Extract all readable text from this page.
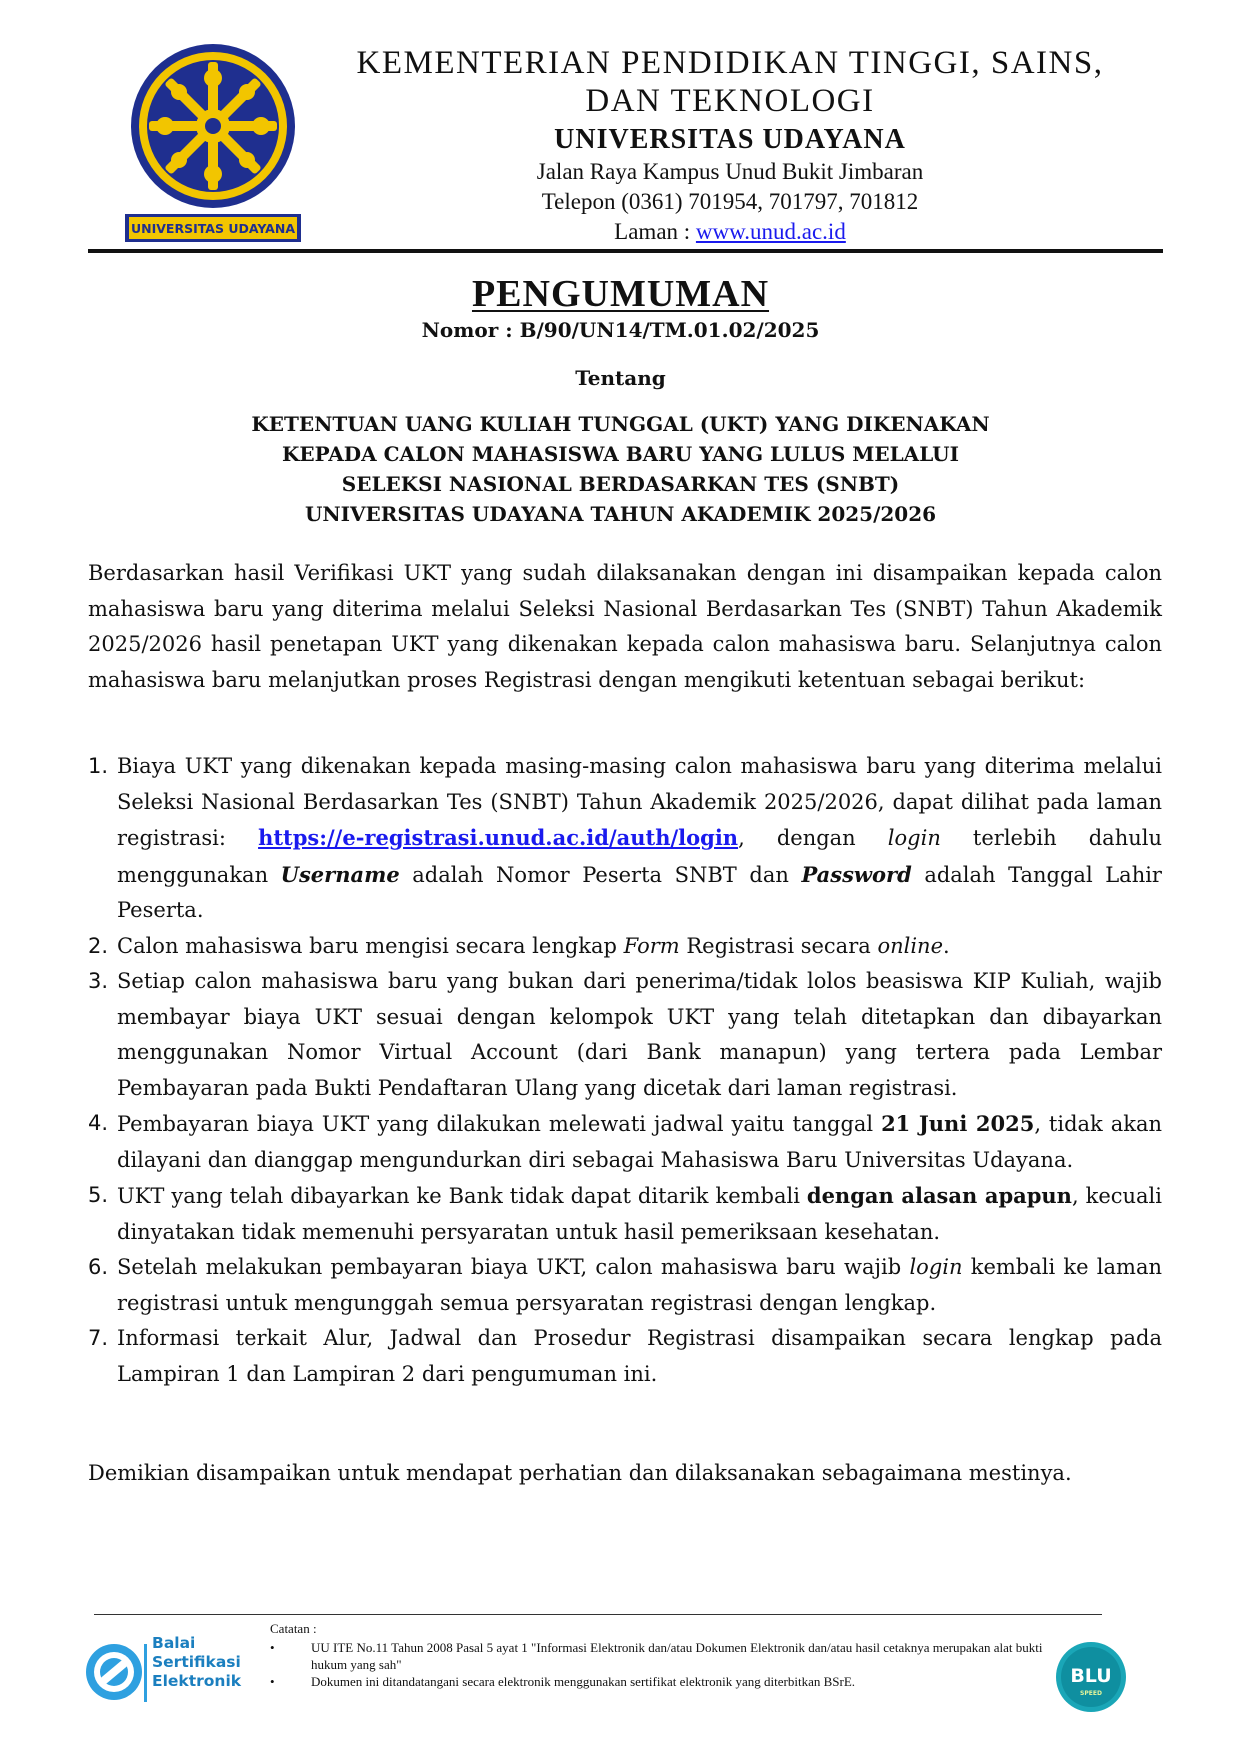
UNIVERSITAS UDAYANA
KEMENTERIAN PENDIDIKAN TINGGI, SAINS,
DAN TEKNOLOGI
UNIVERSITAS UDAYANA
Jalan Raya Kampus Unud Bukit Jimbaran
Telepon (0361) 701954, 701797, 701812
Laman : www.unud.ac.id
PENGUMUMAN
Nomor : B/90/UN14/TM.01.02/2025
Tentang
KETENTUAN UANG KULIAH TUNGGAL (UKT) YANG DIKENAKAN
KEPADA CALON MAHASISWA BARU YANG LULUS MELALUI
SELEKSI NASIONAL BERDASARKAN TES (SNBT)
UNIVERSITAS UDAYANA TAHUN AKADEMIK 2025/2026

Berdasarkan hasil Verifikasi UKT yang sudah dilaksanakan dengan ini disampaikan kepada calon mahasiswa baru yang diterima melalui Seleksi Nasional Berdasarkan Tes (SNBT) Tahun Akademik 2025/2026 hasil penetapan UKT yang dikenakan kepada calon mahasiswa baru. Selanjutnya calon mahasiswa baru melanjutkan proses Registrasi dengan mengikuti ketentuan sebagai berikut:

1. Biaya UKT yang dikenakan kepada masing-masing calon mahasiswa baru yang diterima melalui Seleksi Nasional Berdasarkan Tes (SNBT) Tahun Akademik 2025/2026, dapat dilihat pada laman registrasi: https://e-registrasi.unud.ac.id/auth/login, dengan login terlebih dahulu menggunakan Username adalah Nomor Peserta SNBT dan Password adalah Tanggal Lahir Peserta.
2. Calon mahasiswa baru mengisi secara lengkap Form Registrasi secara online.
3. Setiap calon mahasiswa baru yang bukan dari penerima/tidak lolos beasiswa KIP Kuliah, wajib membayar biaya UKT sesuai dengan kelompok UKT yang telah ditetapkan dan dibayarkan menggunakan Nomor Virtual Account (dari Bank manapun) yang tertera pada Lembar Pembayaran pada Bukti Pendaftaran Ulang yang dicetak dari laman registrasi.
4. Pembayaran biaya UKT yang dilakukan melewati jadwal yaitu tanggal 21 Juni 2025, tidak akan dilayani dan dianggap mengundurkan diri sebagai Mahasiswa Baru Universitas Udayana.
5. UKT yang telah dibayarkan ke Bank tidak dapat ditarik kembali dengan alasan apapun, kecuali dinyatakan tidak memenuhi persyaratan untuk hasil pemeriksaan kesehatan.
6. Setelah melakukan pembayaran biaya UKT, calon mahasiswa baru wajib login kembali ke laman registrasi untuk mengunggah semua persyaratan registrasi dengan lengkap.
7. Informasi terkait Alur, Jadwal dan Prosedur Registrasi disampaikan secara lengkap pada Lampiran 1 dan Lampiran 2 dari pengumuman ini.

Demikian disampaikan untuk mendapat perhatian dan dilaksanakan sebagaimana mestinya.

Balai
Sertifikasi
Elektronik
Catatan :
• UU ITE No.11 Tahun 2008 Pasal 5 ayat 1 "Informasi Elektronik dan/atau Dokumen Elektronik dan/atau hasil cetaknya merupakan alat bukti hukum yang sah"
• Dokumen ini ditandatangani secara elektronik menggunakan sertifikat elektronik yang diterbitkan BSrE.	BLU
SPEED
